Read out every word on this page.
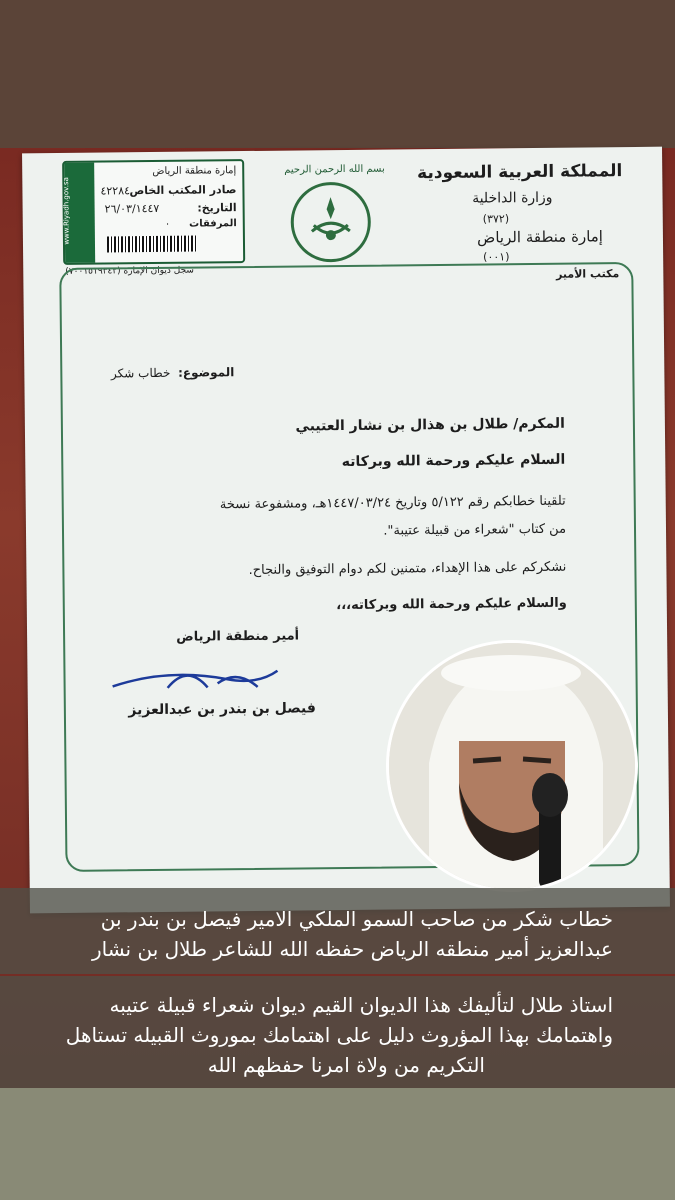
إمارة منطقة الرياض
صادر المكتب الخاص
٤٢٢٨٤
التاريخ:
٢٦/٠٣/١٤٤٧
المرفقات
٠
www.Riyadh.gov.sa
سجل ديوان الإمارة (٧٠٠١٥١٩٣٤٢)
بسم الله الرحمن الرحيم المملكة العربية السعودية
وزارة الداخلية
(٣٧٢)
إمارة منطقة الرياض
(٠٠١)
مكتب الأمير
الموضوع:
خطاب شكر
المكرم/ طلال بن هذال بن نشار العتيبي
السلام عليكم ورحمة الله وبركاته
تلقينا خطابكم رقم ٥/١٢٢ وتاريخ ١٤٤٧/٠٣/٢٤هـ، ومشفوعة نسخة
من كتاب "شعراء من قبيلة عتيبة".
نشكركم على هذا الإهداء، متمنين لكم دوام التوفيق والنجاح.
والسلام عليكم ورحمة الله وبركاته،،،
أمير منطقة الرياض
فيصل بن بندر بن عبدالعزيز
خطاب شكر من صاحب السمو الملكي الامير فيصل بن بندر بن
عبدالعزيز أمير منطقه الرياض حفظه الله للشاعر طلال بن نشار
استاذ طلال لتأليفك هذا الديوان القيم ديوان شعراء قبيلة عتيبه
واهتمامك بهذا المؤروث دليل على اهتمامك بموروث القبيله تستاهل
التكريم من ولاة امرنا حفظهم الله
